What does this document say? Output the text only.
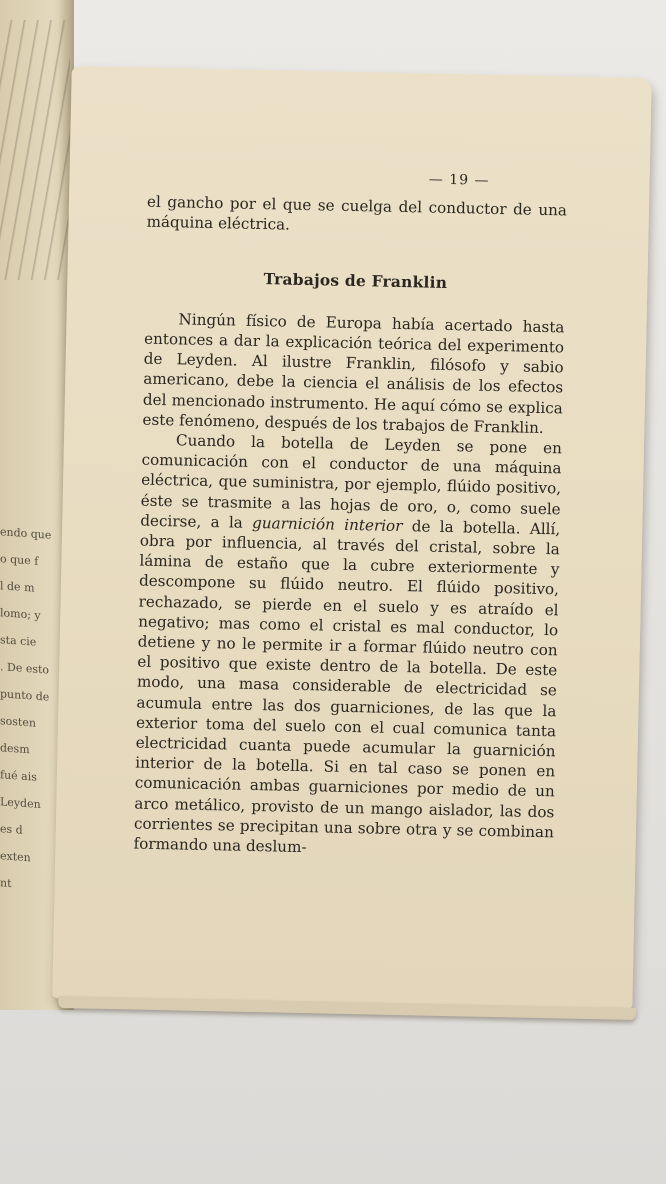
endo que
o que f
l de m
lomo; y
sta cie
. De esto
punto de
sosten
desm
fué ais
Leyden
es d
exten
nt
— 19 —

el gancho por el que se cuelga del conductor de una máquina eléctrica.

Trabajos de Franklin

Ningún físico de Europa había acertado hasta entonces a dar la explicación teórica del experimento de Leyden. Al ilustre Franklin, filósofo y sabio americano, debe la ciencia el análisis de los efectos del mencionado instrumento. He aquí cómo se explica este fenómeno, después de los trabajos de Franklin.

Cuando la botella de Leyden se pone en comunicación con el conductor de una máquina eléctrica, que suministra, por ejemplo, flúido positivo, éste se trasmite a las hojas de oro, o, como suele decirse, a la guarnición interior de la botella. Allí, obra por influencia, al través del cristal, sobre la lámina de estaño que la cubre exteriormente y descompone su flúido neutro. El flúido positivo, rechazado, se pierde en el suelo y es atraído el negativo; mas como el cristal es mal conductor, lo detiene y no le permite ir a formar flúido neutro con el positivo que existe dentro de la botella. De este modo, una masa considerable de electricidad se acumula entre las dos guarniciones, de las que la exterior toma del suelo con el cual comunica tanta electricidad cuanta puede acumular la guarnición interior de la botella. Si en tal caso se ponen en comunicación ambas guarniciones por medio de un arco metálico, provisto de un mango aislador, las dos corrientes se precipitan una sobre otra y se combinan formando una deslum-
